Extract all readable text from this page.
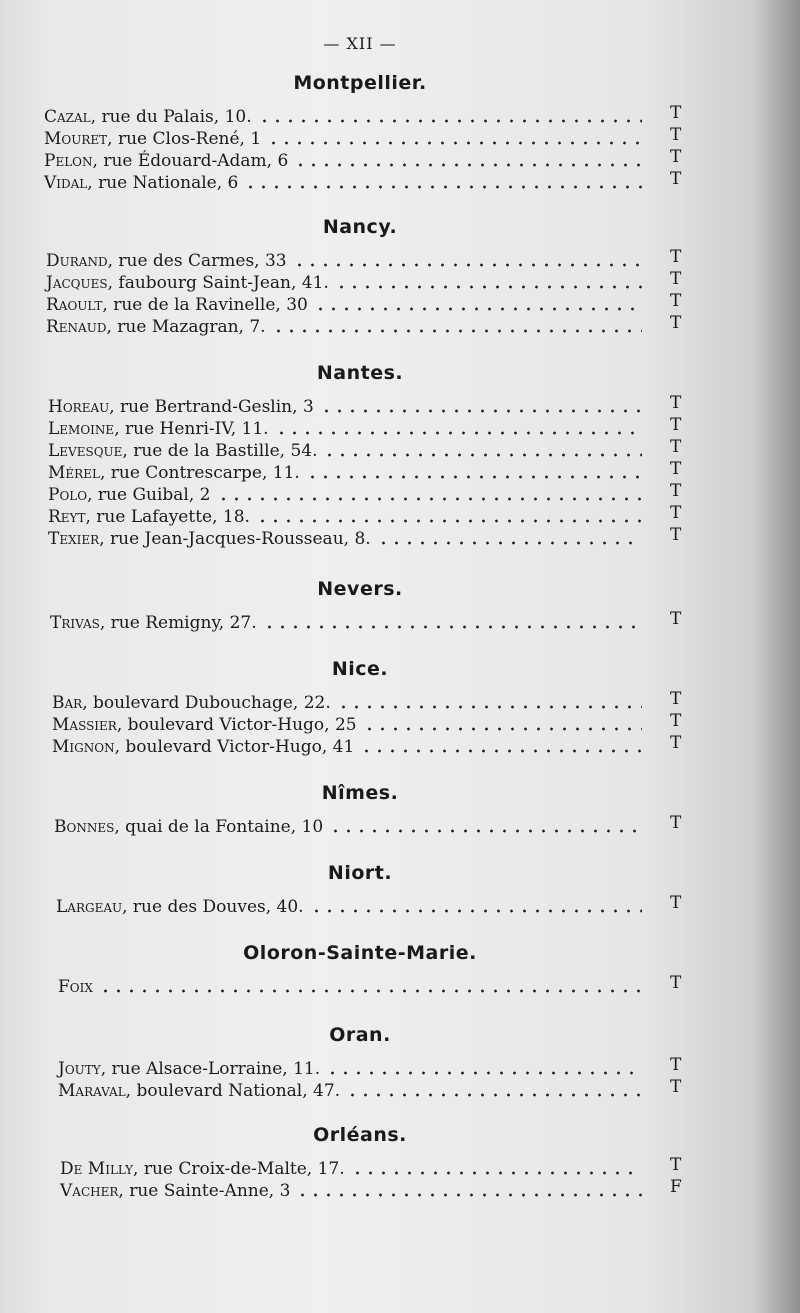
— XII —
Montpellier.
Cazal, rue du Palais, 10.	T
Mouret, rue Clos-René, 1	T
Pelon, rue Édouard-Adam, 6	T
Vidal, rue Nationale, 6	T
Nancy.
Durand, rue des Carmes, 33	T
Jacques, faubourg Saint-Jean, 41.	T
Raoult, rue de la Ravinelle, 30	T
Renaud, rue Mazagran, 7.	T
Nantes.
Horeau, rue Bertrand-Geslin, 3	T
Lemoine, rue Henri-IV, 11.	T
Levesque, rue de la Bastille, 54.	T
Mérel, rue Contrescarpe, 11.	T
Polo, rue Guibal, 2	T
Reyt, rue Lafayette, 18.	T
Texier, rue Jean-Jacques-Rousseau, 8.	T
Nevers.
Trivas, rue Remigny, 27.	T
Nice.
Bar, boulevard Dubouchage, 22.	T
Massier, boulevard Victor-Hugo, 25	T
Mignon, boulevard Victor-Hugo, 41	T
Nîmes.
Bonnes, quai de la Fontaine, 10	T
Niort.
Largeau, rue des Douves, 40.	T
Oloron-Sainte-Marie.
Foix	T
Oran.
Jouty, rue Alsace-Lorraine, 11.	T
Maraval, boulevard National, 47.	T
Orléans.
De Milly, rue Croix-de-Malte, 17.	T
Vacher, rue Sainte-Anne, 3	F
